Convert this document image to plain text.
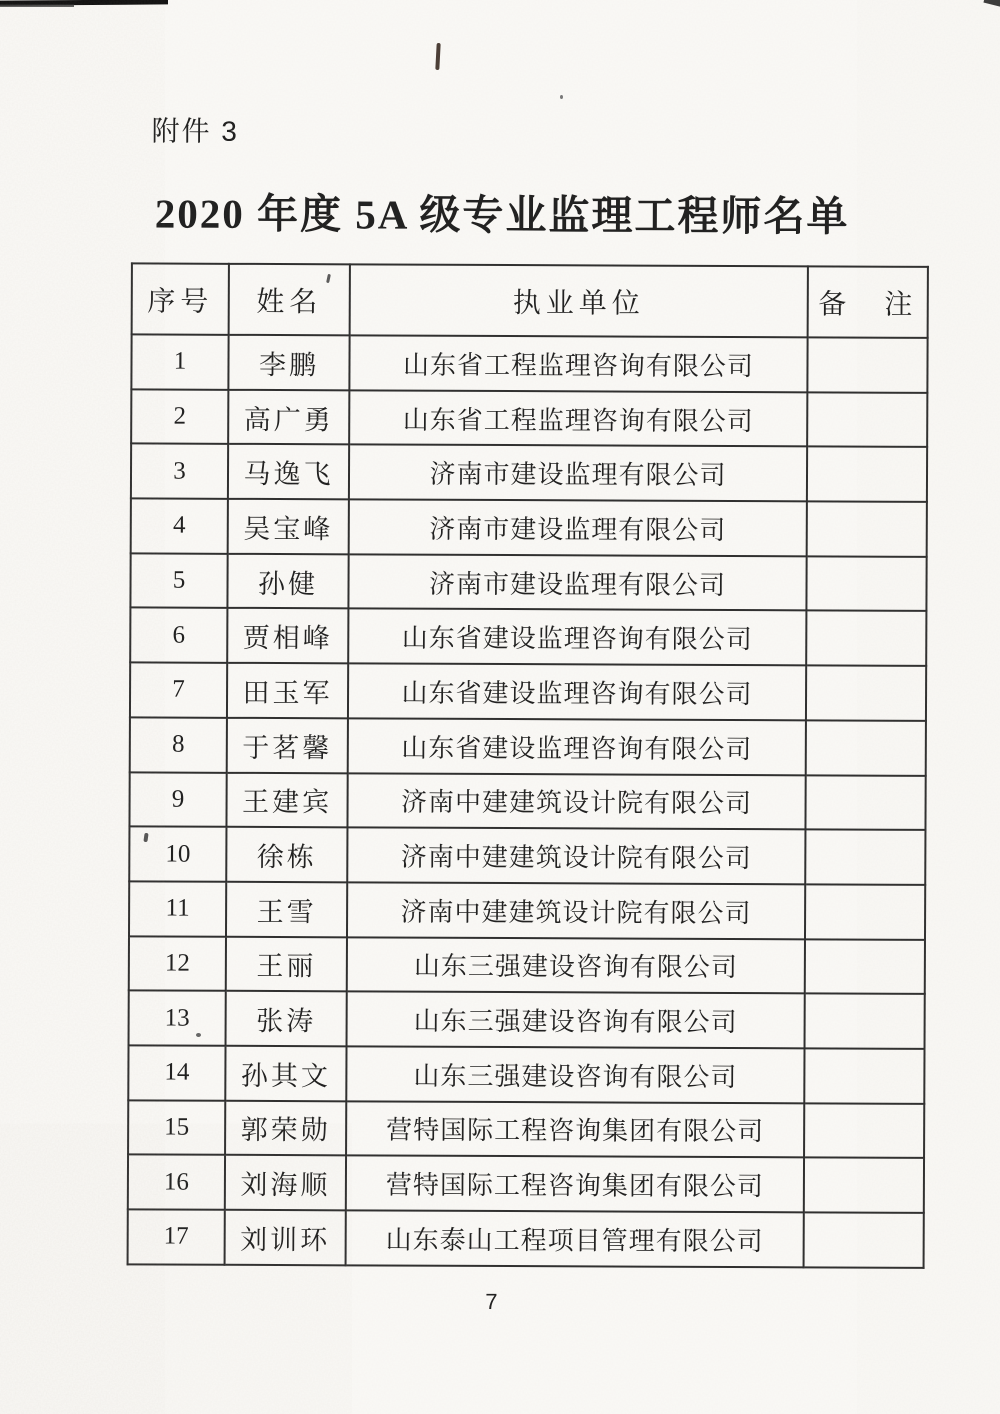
附件 3
2020 年度 5A 级专业监理工程师名单
序号	姓名	执业单位	备　注
1	李鹏	山东省工程监理咨询有限公司	
2	高广勇	山东省工程监理咨询有限公司	
3	马逸飞	济南市建设监理有限公司	
4	吴宝峰	济南市建设监理有限公司	
5	孙健	济南市建设监理有限公司	
6	贾相峰	山东省建设监理咨询有限公司	
7	田玉军	山东省建设监理咨询有限公司	
8	于茗馨	山东省建设监理咨询有限公司	
9	王建宾	济南中建建筑设计院有限公司	
10	徐栋	济南中建建筑设计院有限公司	
11	王雪	济南中建建筑设计院有限公司	
12	王丽	山东三强建设咨询有限公司	
13	张涛	山东三强建设咨询有限公司	
14	孙其文	山东三强建设咨询有限公司	
15	郭荣勋	营特国际工程咨询集团有限公司	
16	刘海顺	营特国际工程咨询集团有限公司	
17	刘训环	山东泰山工程项目管理有限公司	
7
